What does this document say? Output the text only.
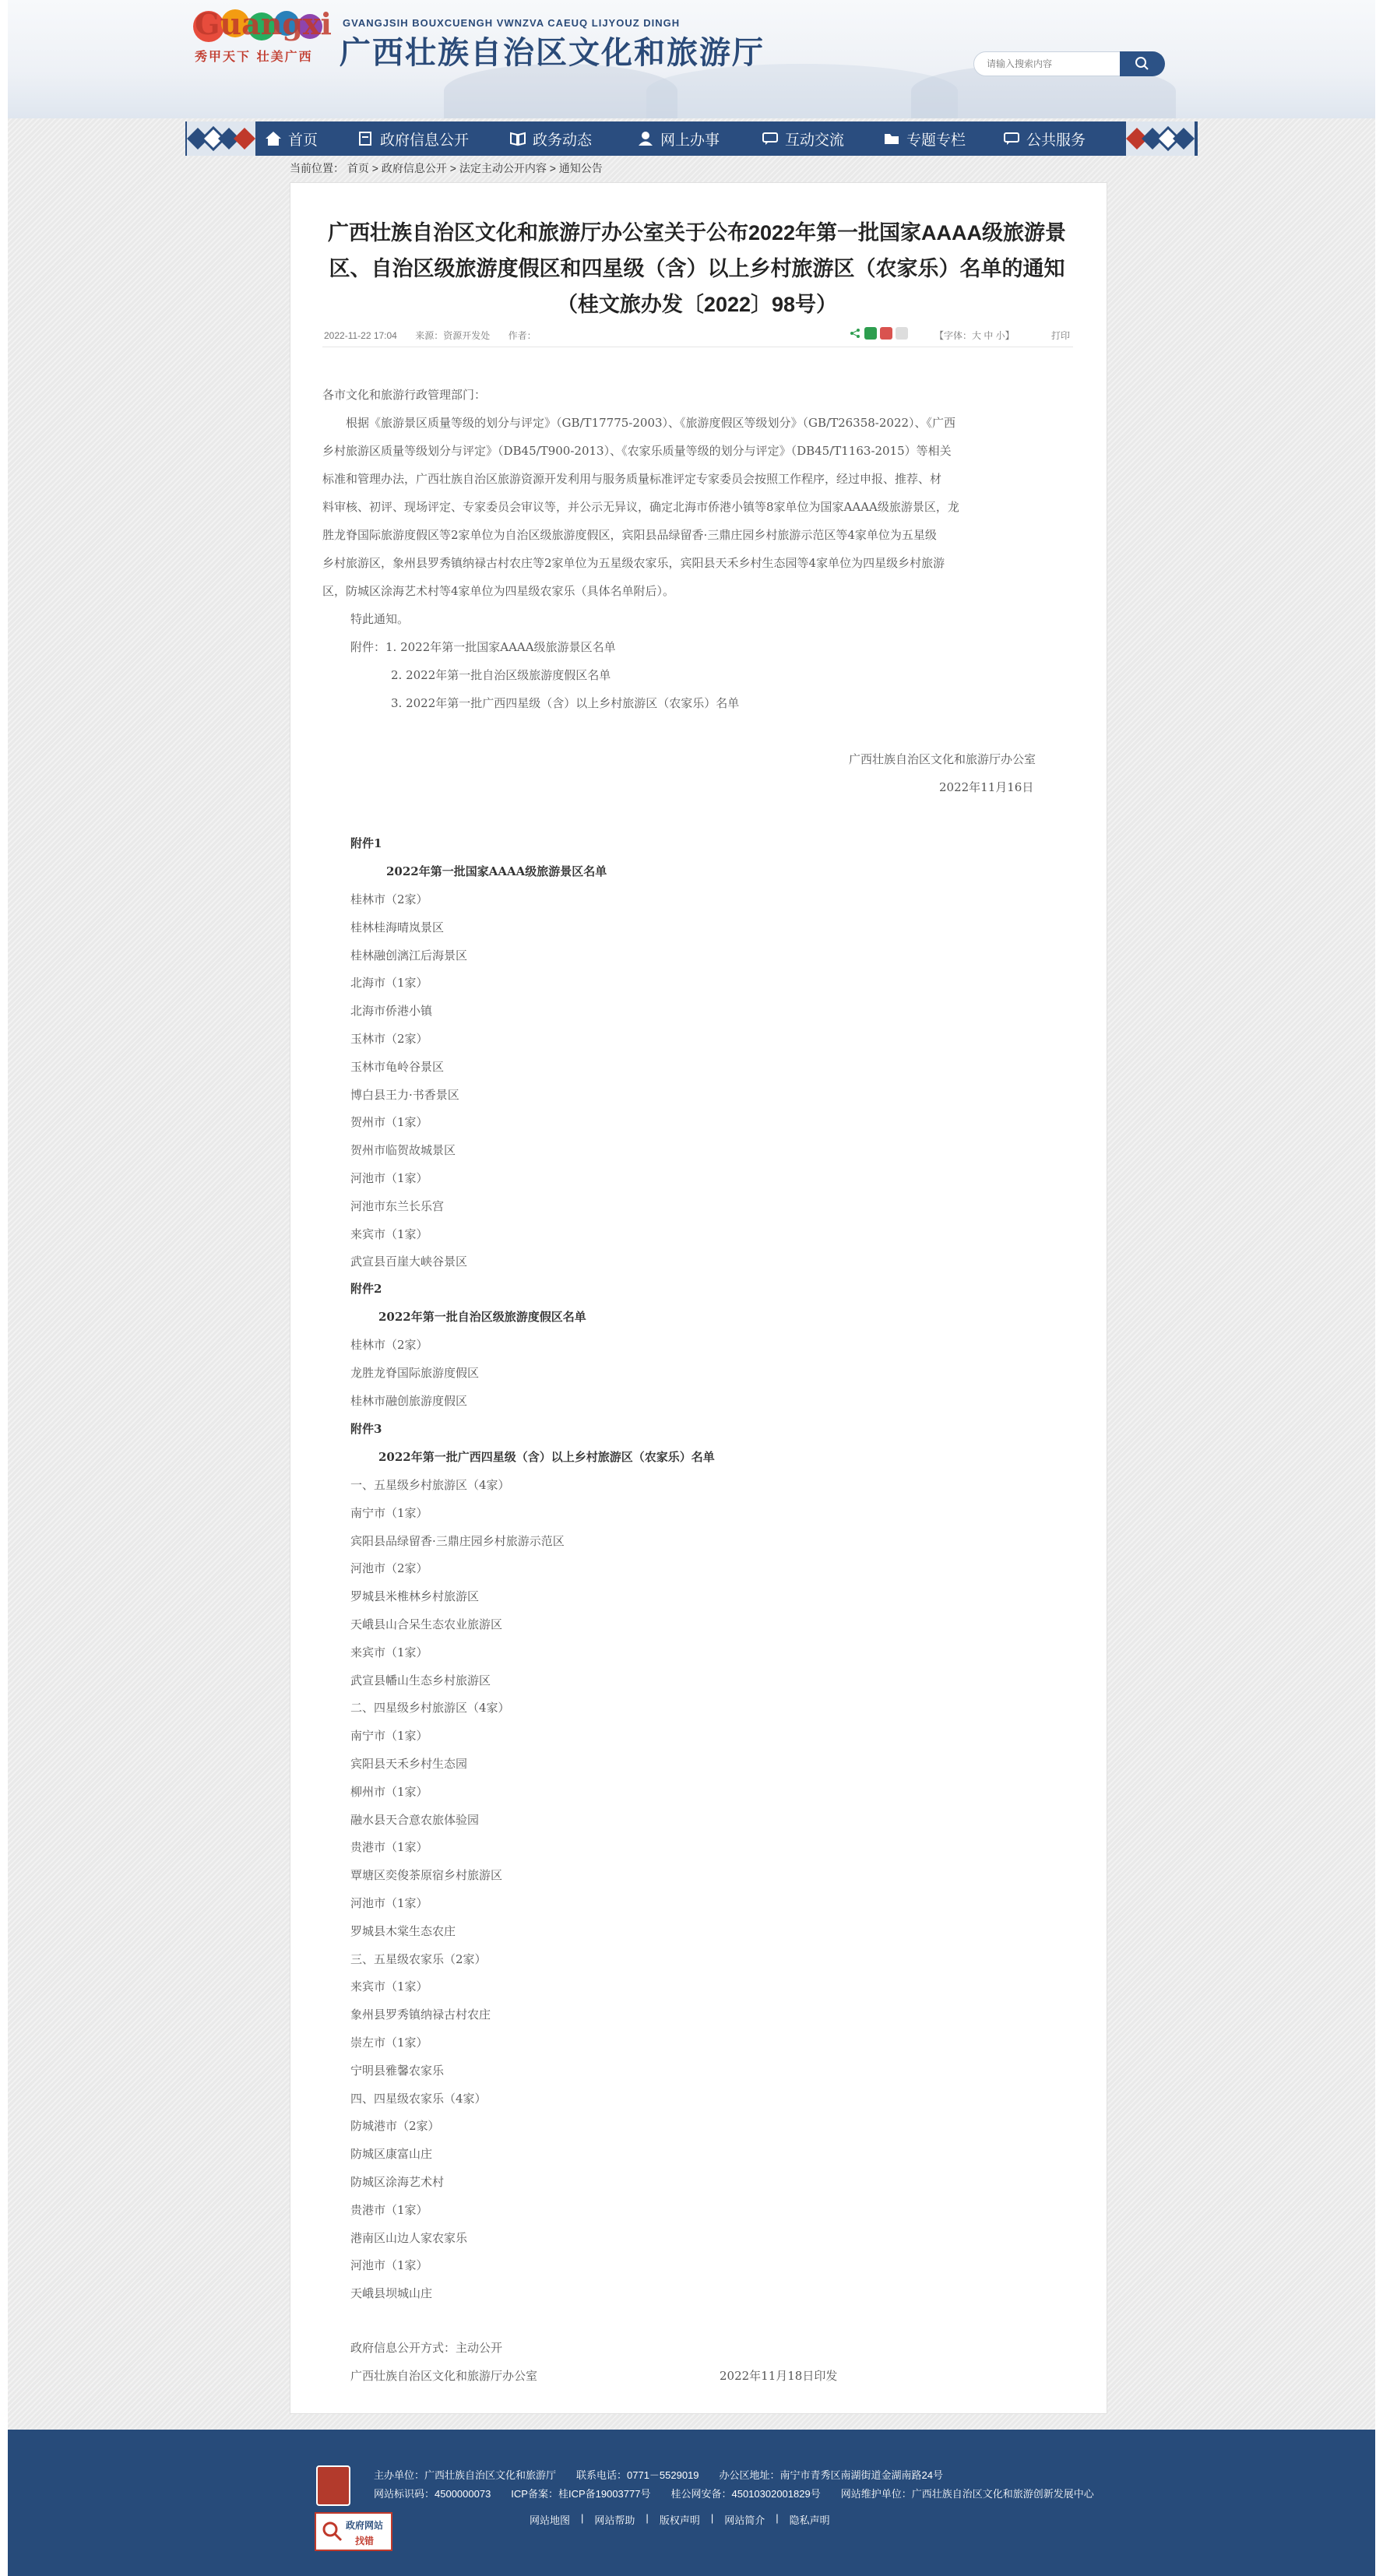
Guangxi
秀甲天下 壮美广西
GVANGJSIH BOUXCUENGH VWNZVA CAEUQ LIJYOUZ DINGH
广西壮族自治区文化和旅游厅
请输入搜索内容
首页	政府信息公开	政务动态	网上办事	互动交流	专题专栏	公共服务
当前位置： 首页 > 政府信息公开 > 法定主动公开内容 > 通知公告
广西壮族自治区文化和旅游厅办公室关于公布2022年第一批国家AAAA级旅游景
区、自治区级旅游度假区和四星级（含）以上乡村旅游区（农家乐）名单的通知
（桂文旅办发〔2022〕98号）
2022-11-22 17:04 来源：资源开发处 作者：	【字体：大 中 小】	打印
各市文化和旅游行政管理部门：
根据《旅游景区质量等级的划分与评定》（GB/T17775-2003）、《旅游度假区等级划分》（GB/T26358-2022）、《广西
乡村旅游区质量等级划分与评定》（DB45/T900-2013）、《农家乐质量等级的划分与评定》（DB45/T1163-2015）等相关
标准和管理办法，广西壮族自治区旅游资源开发利用与服务质量标准评定专家委员会按照工作程序，经过申报、推荐、材
料审核、初评、现场评定、专家委员会审议等，并公示无异议，确定北海市侨港小镇等8家单位为国家AAAA级旅游景区，龙
胜龙脊国际旅游度假区等2家单位为自治区级旅游度假区，宾阳县品绿留香·三鼎庄园乡村旅游示范区等4家单位为五星级
乡村旅游区，象州县罗秀镇纳禄古村农庄等2家单位为五星级农家乐，宾阳县天禾乡村生态园等4家单位为四星级乡村旅游
区，防城区涂海艺术村等4家单位为四星级农家乐（具体名单附后）。
特此通知。
附件：1. 2022年第一批国家AAAA级旅游景区名单
2. 2022年第一批自治区级旅游度假区名单
3. 2022年第一批广西四星级（含）以上乡村旅游区（农家乐）名单
广西壮族自治区文化和旅游厅办公室
2022年11月16日
附件1
2022年第一批国家AAAA级旅游景区名单
桂林市（2家）
桂林桂海晴岚景区
桂林融创漓江后海景区
北海市（1家）
北海市侨港小镇
玉林市（2家）
玉林市龟岭谷景区
博白县王力·书香景区
贺州市（1家）
贺州市临贺故城景区
河池市（1家）
河池市东兰长乐宫
来宾市（1家）
武宣县百崖大峡谷景区
附件2
2022年第一批自治区级旅游度假区名单
桂林市（2家）
龙胜龙脊国际旅游度假区
桂林市融创旅游度假区
附件3
2022年第一批广西四星级（含）以上乡村旅游区（农家乐）名单
一、五星级乡村旅游区（4家）
南宁市（1家）
宾阳县品绿留香·三鼎庄园乡村旅游示范区
河池市（2家）
罗城县米椎林乡村旅游区
天峨县山合呆生态农业旅游区
来宾市（1家）
武宣县幡山生态乡村旅游区
二、四星级乡村旅游区（4家）
南宁市（1家）
宾阳县天禾乡村生态园
柳州市（1家）
融水县天合意农旅体验园
贵港市（1家）
覃塘区奕俊茶原宿乡村旅游区
河池市（1家）
罗城县木棠生态农庄
三、五星级农家乐（2家）
来宾市（1家）
象州县罗秀镇纳禄古村农庄
崇左市（1家）
宁明县雅馨农家乐
四、四星级农家乐（4家）
防城港市（2家）
防城区康富山庄
防城区涂海艺术村
贵港市（1家）
港南区山边人家农家乐
河池市（1家）
天峨县坝城山庄
政府信息公开方式：主动公开
广西壮族自治区文化和旅游厅办公室	2022年11月18日印发
政府网站
找错
主办单位：广西壮族自治区文化和旅游厅　　联系电话：0771－5529019　　办公区地址：南宁市青秀区南湖街道金湖南路24号
网站标识码：4500000073　　ICP备案：桂ICP备19003777号　　桂公网安备：45010302001829号　　网站维护单位：广西壮族自治区文化和旅游创新发展中心
网站地图 | 网站帮助 | 版权声明 | 网站简介 | 隐私声明
